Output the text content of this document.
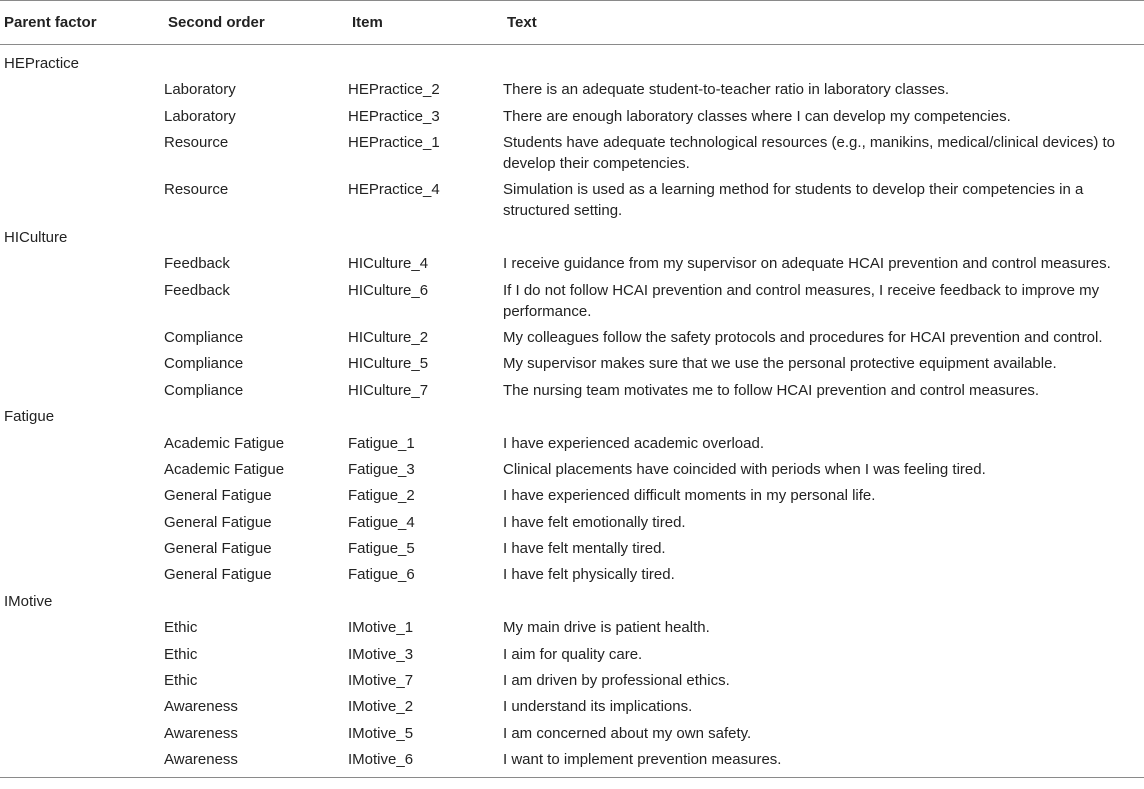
Parent factor	Second order	Item	Text
HEPractice			
	Laboratory	HEPractice_2	There is an adequate student-to-teacher ratio in laboratory classes.
	Laboratory	HEPractice_3	There are enough laboratory classes where I can develop my competencies.
	Resource	HEPractice_1	Students have adequate technological resources (e.g., manikins, medical/clinical devices) to develop their competencies.
	Resource	HEPractice_4	Simulation is used as a learning method for students to develop their competencies in a structured setting.
HICulture			
	Feedback	HICulture_4	I receive guidance from my supervisor on adequate HCAI prevention and control measures.
	Feedback	HICulture_6	If I do not follow HCAI prevention and control measures, I receive feedback to improve my performance.
	Compliance	HICulture_2	My colleagues follow the safety protocols and procedures for HCAI prevention and control.
	Compliance	HICulture_5	My supervisor makes sure that we use the personal protective equipment available.
	Compliance	HICulture_7	The nursing team motivates me to follow HCAI prevention and control measures.
Fatigue			
	Academic Fatigue	Fatigue_1	I have experienced academic overload.
	Academic Fatigue	Fatigue_3	Clinical placements have coincided with periods when I was feeling tired.
	General Fatigue	Fatigue_2	I have experienced difficult moments in my personal life.
	General Fatigue	Fatigue_4	I have felt emotionally tired.
	General Fatigue	Fatigue_5	I have felt mentally tired.
	General Fatigue	Fatigue_6	I have felt physically tired.
IMotive			
	Ethic	IMotive_1	My main drive is patient health.
	Ethic	IMotive_3	I aim for quality care.
	Ethic	IMotive_7	I am driven by professional ethics.
	Awareness	IMotive_2	I understand its implications.
	Awareness	IMotive_5	I am concerned about my own safety.
	Awareness	IMotive_6	I want to implement prevention measures.
